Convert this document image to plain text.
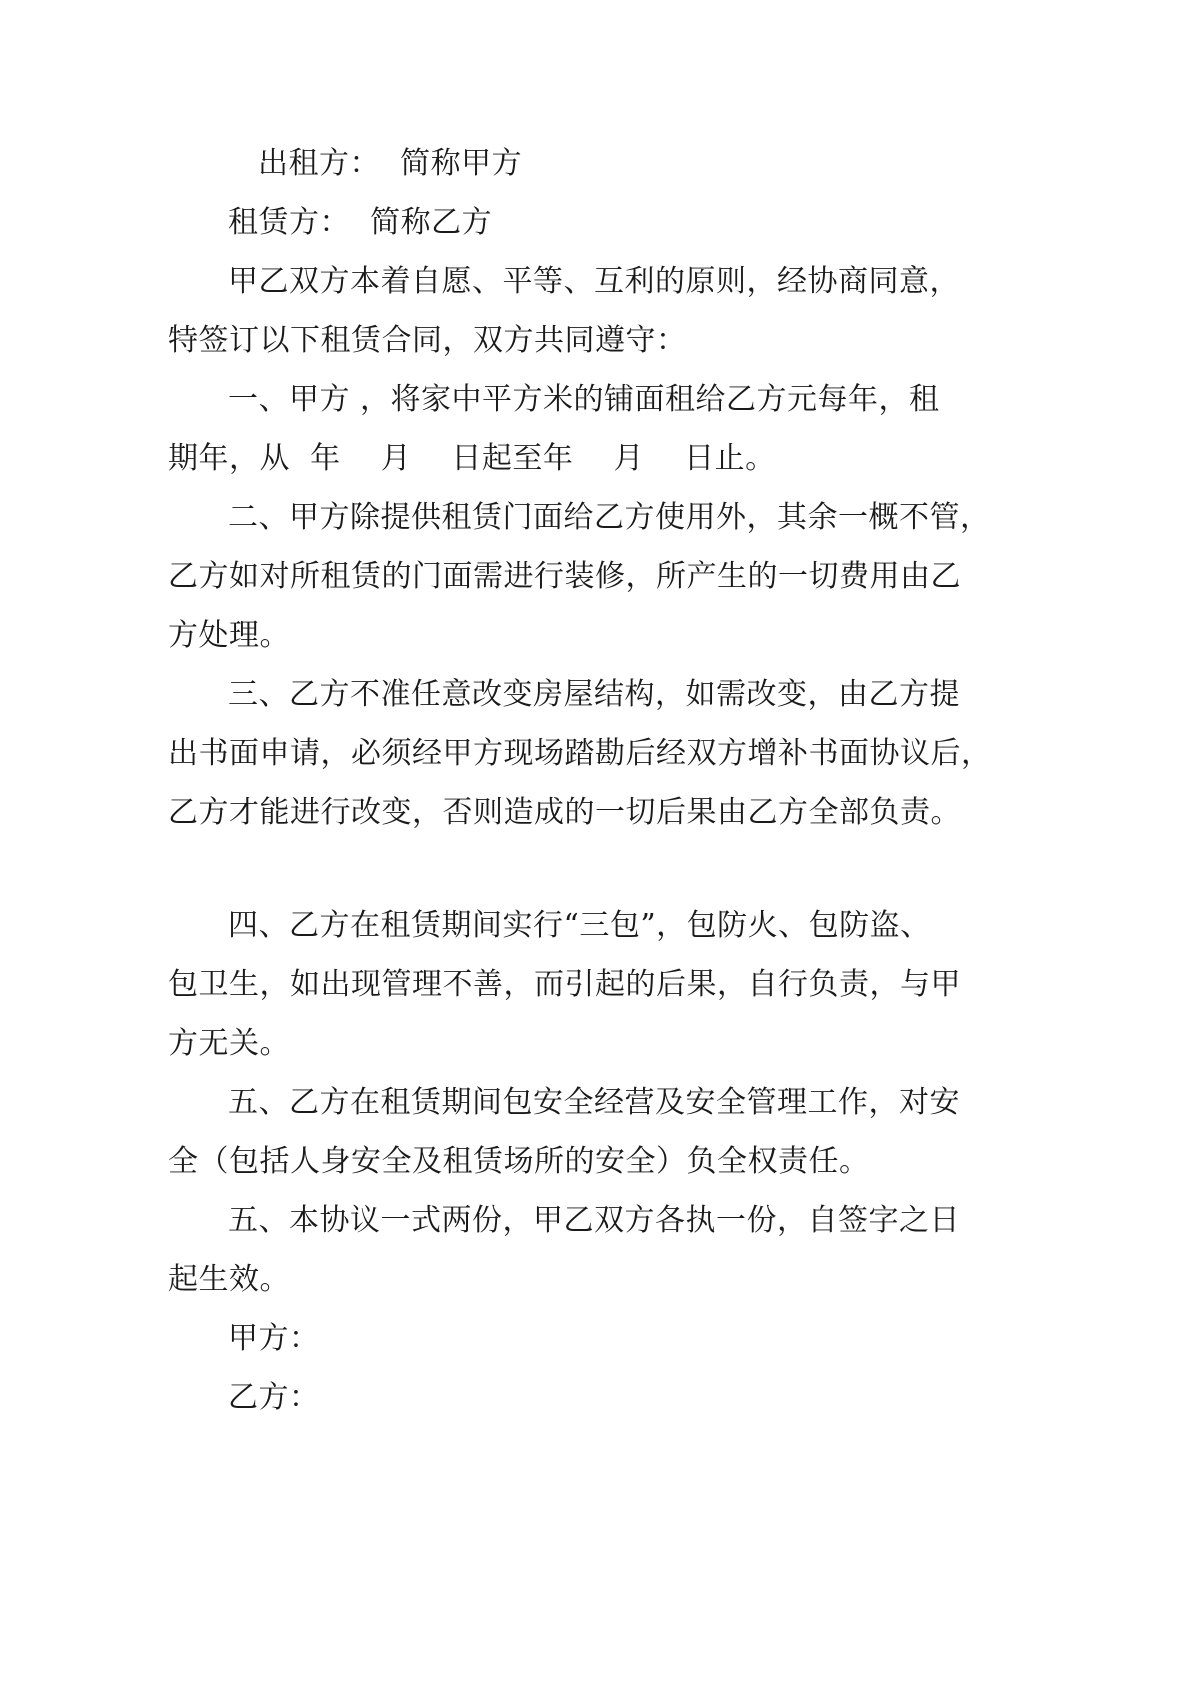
出租方：  简称甲方
租赁方：  简称乙方
甲乙双方本着自愿、平等、互利的原则，经协商同意，
特签订以下租赁合同，双方共同遵守：
一、甲方 ，将家中平方米的铺面租给乙方元每年，租
期年，从  年    月    日起至年    月    日止。
二、甲方除提供租赁门面给乙方使用外，其余一概不管，
乙方如对所租赁的门面需进行装修，所产生的一切费用由乙
方处理。
三、乙方不准任意改变房屋结构，如需改变，由乙方提
出书面申请，必须经甲方现场踏勘后经双方增补书面协议后，
乙方才能进行改变，否则造成的一切后果由乙方全部负责。
四、乙方在租赁期间实行“三包”，包防火、包防盗、
包卫生，如出现管理不善，而引起的后果，自行负责，与甲
方无关。
五、乙方在租赁期间包安全经营及安全管理工作，对安
全（包括人身安全及租赁场所的安全）负全权责任。
五、本协议一式两份，甲乙双方各执一份，自签字之日
起生效。
甲方：
乙方：
